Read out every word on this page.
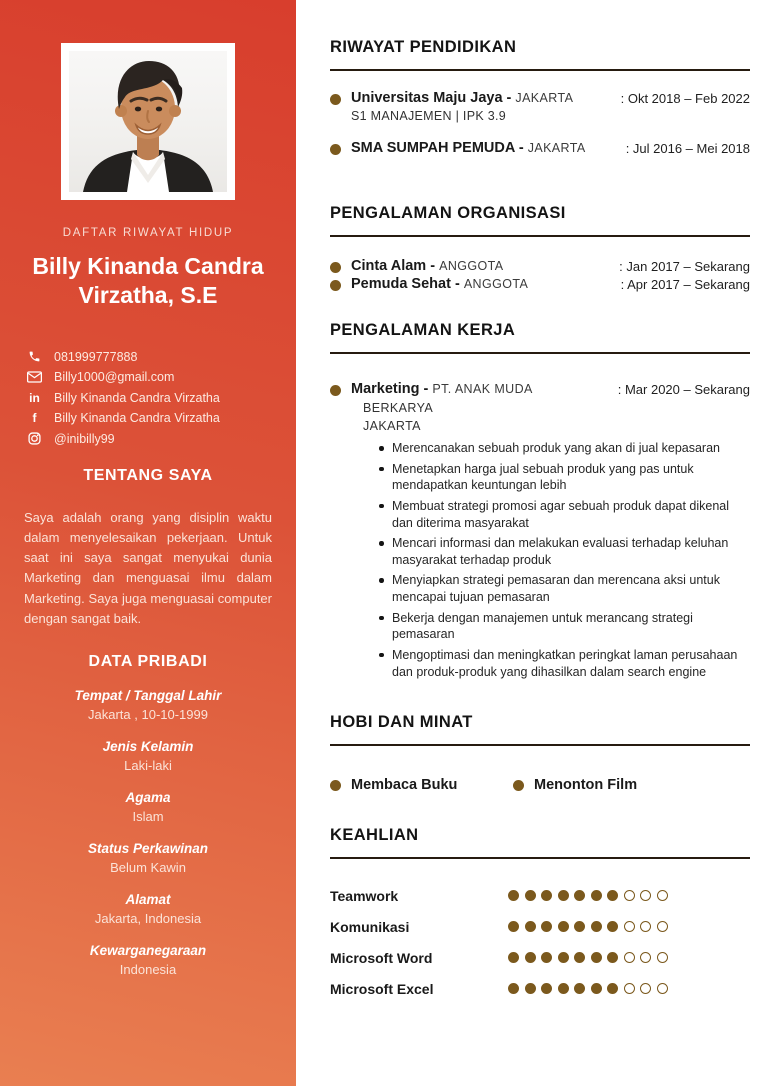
DAFTAR RIWAYAT HIDUP
Billy Kinanda Candra
Virzatha, S.E
081999777888
Billy1000@gmail.com
in Billy Kinanda Candra Virzatha
f	Billy Kinanda Candra Virzatha
@inibilly99
TENTANG SAYA

Saya adalah orang yang disiplin waktu dalam menyelesaikan pekerjaan. Untuk saat ini saya sangat menyukai dunia Marketing dan menguasai ilmu dalam Marketing. Saya juga menguasai computer dengan sangat baik.

DATA PRIBADI
Tempat / Tanggal Lahir
Jakarta , 10-10-1999
Jenis Kelamin
Laki-laki
Agama
Islam
Status Perkawinan
Belum Kawin
Alamat
Jakarta, Indonesia
Kewarganegaraan
Indonesia
RIWAYAT PENDIDIKAN
Universitas Maju Jaya - JAKARTA	: Okt 2018 – Feb 2022
S1 MANAJEMEN | IPK 3.9
SMA SUMPAH PEMUDA - JAKARTA	: Jul 2016 – Mei 2018
PENGALAMAN ORGANISASI
Cinta Alam - ANGGOTA	: Jan 2017 – Sekarang
Pemuda Sehat - ANGGOTA	: Apr 2017 – Sekarang
PENGALAMAN KERJA
Marketing - PT. ANAK MUDA	: Mar 2020 – Sekarang
BERKARYA
JAKARTA
Merencanakan sebuah produk yang akan di jual kepasaran
Menetapkan harga jual sebuah produk yang pas untuk mendapatkan keuntungan lebih
Membuat strategi promosi agar sebuah produk dapat dikenal dan diterima masyarakat
Mencari informasi dan melakukan evaluasi terhadap keluhan masyarakat terhadap produk
Menyiapkan strategi pemasaran dan merencana aksi untuk mencapai tujuan pemasaran
Bekerja dengan manajemen untuk merancang strategi pemasaran
Mengoptimasi dan meningkatkan peringkat laman perusahaan dan produk-produk yang dihasilkan dalam search engine
HOBI DAN MINAT
Membaca Buku	Menonton Film
KEAHLIAN
Teamwork
Komunikasi
Microsoft Word
Microsoft Excel
